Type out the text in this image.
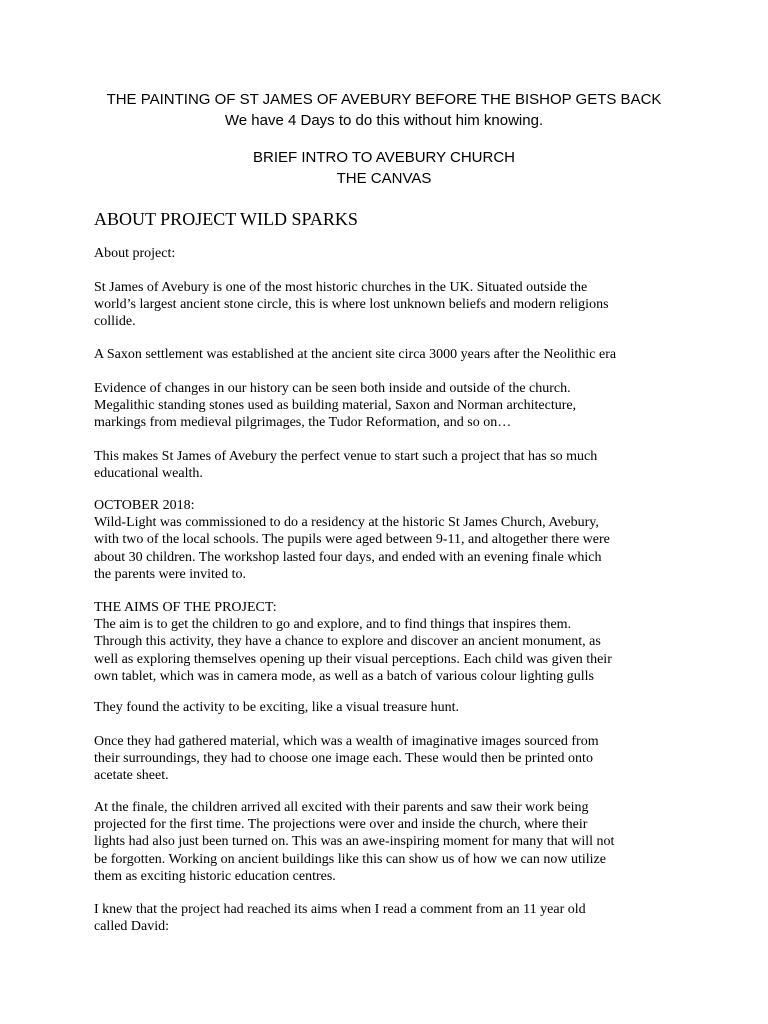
THE PAINTING OF ST JAMES OF AVEBURY BEFORE THE BISHOP GETS BACK
We have 4 Days to do this without him knowing.
BRIEF INTRO TO AVEBURY CHURCH
THE CANVAS
ABOUT PROJECT WILD SPARKS
About project:
St James of Avebury is one of the most historic churches in the UK. Situated outside the
world’s largest ancient stone circle, this is where lost unknown beliefs and modern religions
collide.
A Saxon settlement was established at the ancient site circa 3000 years after the Neolithic era
Evidence of changes in our history can be seen both inside and outside of the church.
Megalithic standing stones used as building material, Saxon and Norman architecture,
markings from medieval pilgrimages, the Tudor Reformation, and so on…
This makes St James of Avebury the perfect venue to start such a project that has so much
educational wealth.
OCTOBER 2018:
Wild-Light was commissioned to do a residency at the historic St James Church, Avebury,
with two of the local schools. The pupils were aged between 9-11, and altogether there were
about 30 children. The workshop lasted four days, and ended with an evening finale which
the parents were invited to.
THE AIMS OF THE PROJECT:
The aim is to get the children to go and explore, and to find things that inspires them.
Through this activity, they have a chance to explore and discover an ancient monument, as
well as exploring themselves opening up their visual perceptions. Each child was given their
own tablet, which was in camera mode, as well as a batch of various colour lighting gulls
They found the activity to be exciting, like a visual treasure hunt.
Once they had gathered material, which was a wealth of imaginative images sourced from
their surroundings, they had to choose one image each. These would then be printed onto
acetate sheet.
At the finale, the children arrived all excited with their parents and saw their work being
projected for the first time. The projections were over and inside the church, where their
lights had also just been turned on. This was an awe-inspiring moment for many that will not
be forgotten. Working on ancient buildings like this can show us of how we can now utilize
them as exciting historic education centres.
I knew that the project had reached its aims when I read a comment from an 11 year old
called David:
